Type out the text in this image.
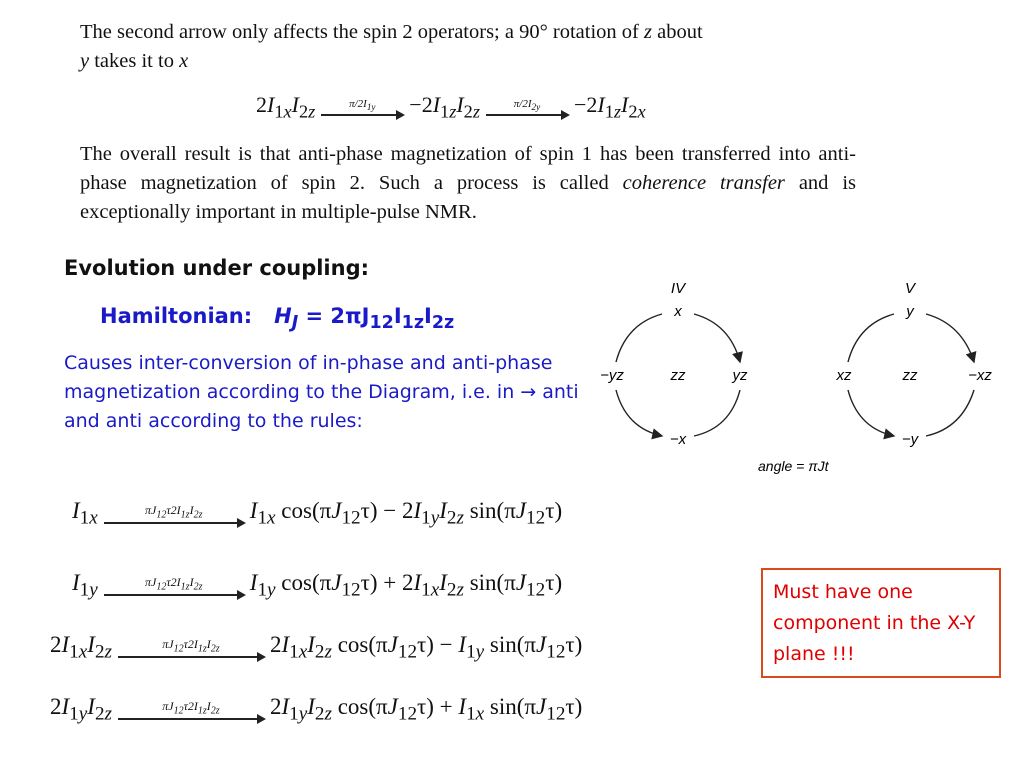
The second arrow only affects the spin 2 operators; a 90° rotation of z about

y takes it to x

$2I_{1x}I_{2z}$	$\pi/2I_{1y} -2I_{1z}I_{2z}$	$\pi/2I_{2y} -2I_{1z}I_{2x}$

The overall result is that anti-phase magnetization of spin 1 has been transferred into anti-phase magnetization of spin 2. Such a process is called coherence transfer and is exceptionally important in multiple-pulse NMR.

Evolution under coupling:
Hamiltonian: $H_J = 2\pi J_{12}I_{1z}I_{2z}$
Causes inter-conversion of in-phase and anti-phase magnetization according to the Diagram, i.e. in → anti and anti according to the rules:
IV
x
−yz	zz	yz
−x
V
y
xz	zz	−xz
−y
angle = πJt
$I_{1x}$	$\pi J_{12}\tau 2I_{1z}I_{2z}$ $I_{1x}$ $\cos(\pi J_{12}\tau) - 2I_{1y}I_{2z}$ $\sin(\pi J_{12}\tau)$
$I_{1y}$	$\pi J_{12}\tau 2I_{1z}I_{2z}$ $I_{1y}$ $\cos(\pi J_{12}\tau) + 2I_{1x}I_{2z}$ $\sin(\pi J_{12}\tau)$
$2I_{1x}I_{2z}$	$\pi J_{12}\tau 2I_{1z}I_{2z}$ $2I_{1x}I_{2z}$ $\cos(\pi J_{12}\tau) - I_{1y}$ $\sin(\pi J_{12}\tau)$
$2I_{1y}I_{2z}$	$\pi J_{12}\tau 2I_{1z}I_{2z}$ $2I_{1y}I_{2z}$ $\cos(\pi J_{12}\tau) + I_{1x}$ $\sin(\pi J_{12}\tau)$
Must have one component in the X-Y plane !!!
